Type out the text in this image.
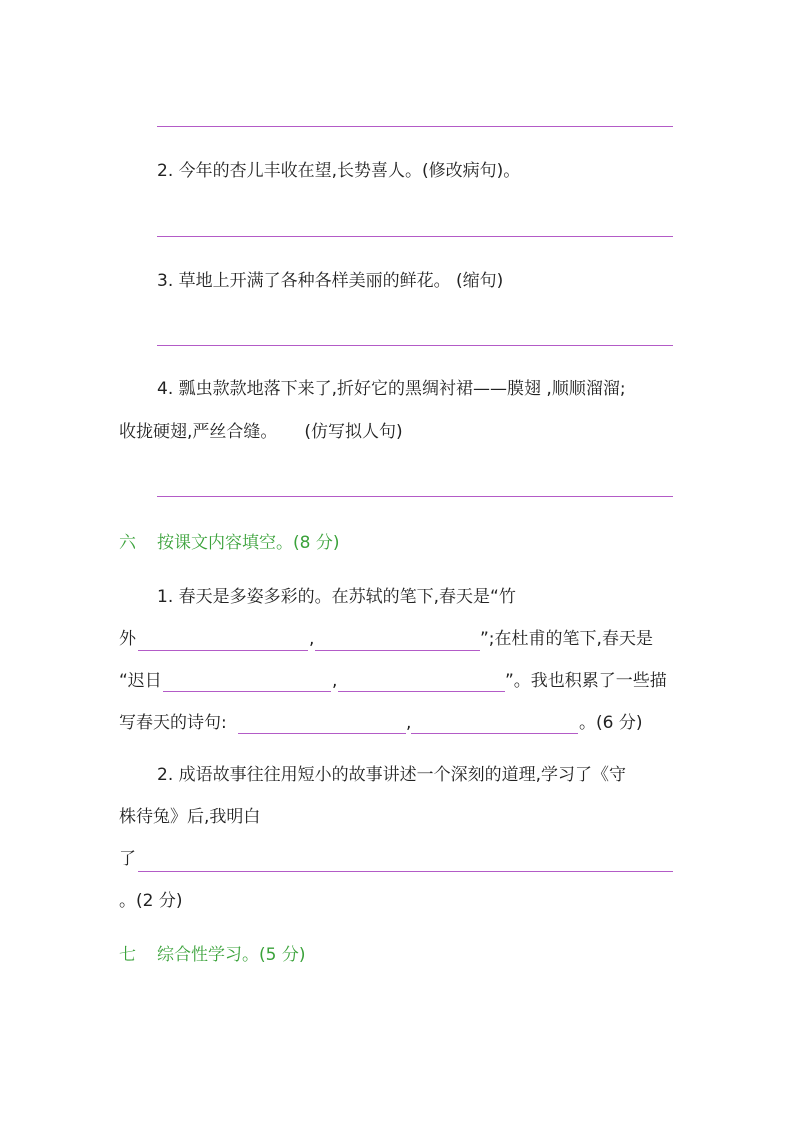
2. 今年的杏儿丰收在望,长势喜人。(修改病句)。
3. 草地上开满了各种各样美丽的鲜花。 (缩句)
4. 瓢虫款款地落下来了,折好它的黑绸衬裙——膜翅 ,顺顺溜溜;
收拢硬翅,严丝合缝。     (仿写拟人句)
六 按课文内容填空。(8 分)
1. 春天是多姿多彩的。在苏轼的笔下,春天是“竹
外	,	”;在杜甫的笔下,春天是
“迟日	,	”。我也积累了一些描
写春天的诗句:	,	。(6 分)
2. 成语故事往往用短小的故事讲述一个深刻的道理,学习了《守
株待兔》后,我明白
了
。(2 分)
七 综合性学习。(5 分)
